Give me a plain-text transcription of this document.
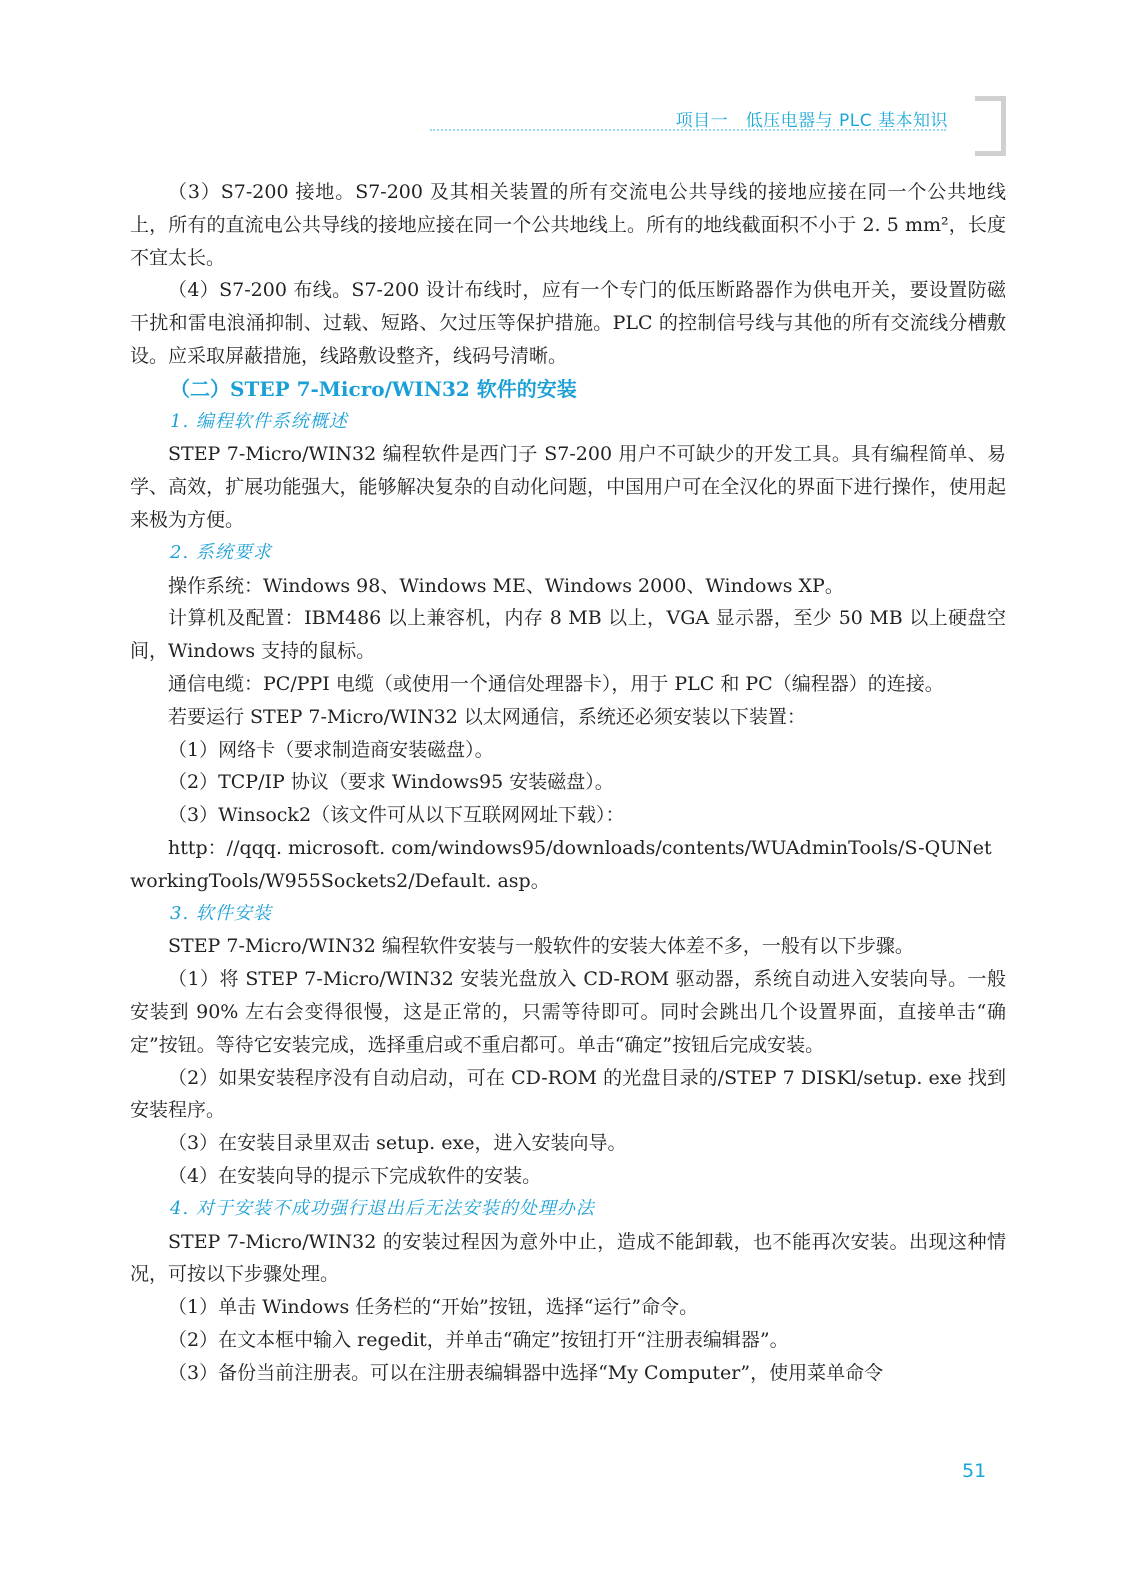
项目一　低压电器与 PLC 基本知识

（3）S7-200 接地。S7-200 及其相关装置的所有交流电公共导线的接地应接在同一个公共地线上，所有的直流电公共导线的接地应接在同一个公共地线上。所有的地线截面积不小于 2. 5 mm²，长度不宜太长。

（4）S7-200 布线。S7-200 设计布线时，应有一个专门的低压断路器作为供电开关，要设置防磁干扰和雷电浪涌抑制、过载、短路、欠过压等保护措施。PLC 的控制信号线与其他的所有交流线分槽敷设。应采取屏蔽措施，线路敷设整齐，线码号清晰。

（二）STEP 7-Micro/WIN32 软件的安装

1. 编程软件系统概述

STEP 7-Micro/WIN32 编程软件是西门子 S7-200 用户不可缺少的开发工具。具有编程简单、易学、高效，扩展功能强大，能够解决复杂的自动化问题，中国用户可在全汉化的界面下进行操作，使用起来极为方便。

2. 系统要求

操作系统：Windows 98、Windows ME、Windows 2000、Windows XP。

计算机及配置：IBM486 以上兼容机，内存 8 MB 以上，VGA 显示器，至少 50 MB 以上硬盘空间，Windows 支持的鼠标。

通信电缆：PC/PPI 电缆（或使用一个通信处理器卡），用于 PLC 和 PC（编程器）的连接。

若要运行 STEP 7-Micro/WIN32 以太网通信，系统还必须安装以下装置：

（1）网络卡（要求制造商安装磁盘）。

（2）TCP/IP 协议（要求 Windows95 安装磁盘）。

（3）Winsock2（该文件可从以下互联网网址下载）：

http：//qqq. microsoft. com/windows95/downloads/contents/WUAdminTools/S-QUNetworkingTools/W955Sockets2/Default. asp。

3. 软件安装

STEP 7-Micro/WIN32 编程软件安装与一般软件的安装大体差不多，一般有以下步骤。

（1）将 STEP 7-Micro/WIN32 安装光盘放入 CD-ROM 驱动器，系统自动进入安装向导。一般安装到 90% 左右会变得很慢，这是正常的，只需等待即可。同时会跳出几个设置界面，直接单击“确定”按钮。等待它安装完成，选择重启或不重启都可。单击“确定”按钮后完成安装。

（2）如果安装程序没有自动启动，可在 CD-ROM 的光盘目录的/STEP 7 DISKl/setup. exe 找到安装程序。

（3）在安装目录里双击 setup. exe，进入安装向导。

（4）在安装向导的提示下完成软件的安装。

4. 对于安装不成功强行退出后无法安装的处理办法

STEP 7-Micro/WIN32 的安装过程因为意外中止，造成不能卸载，也不能再次安装。出现这种情况，可按以下步骤处理。

（1）单击 Windows 任务栏的“开始”按钮，选择“运行”命令。

（2）在文本框中输入 regedit，并单击“确定”按钮打开“注册表编辑器”。

（3）备份当前注册表。可以在注册表编辑器中选择“My Computer”，使用菜单命令

51
